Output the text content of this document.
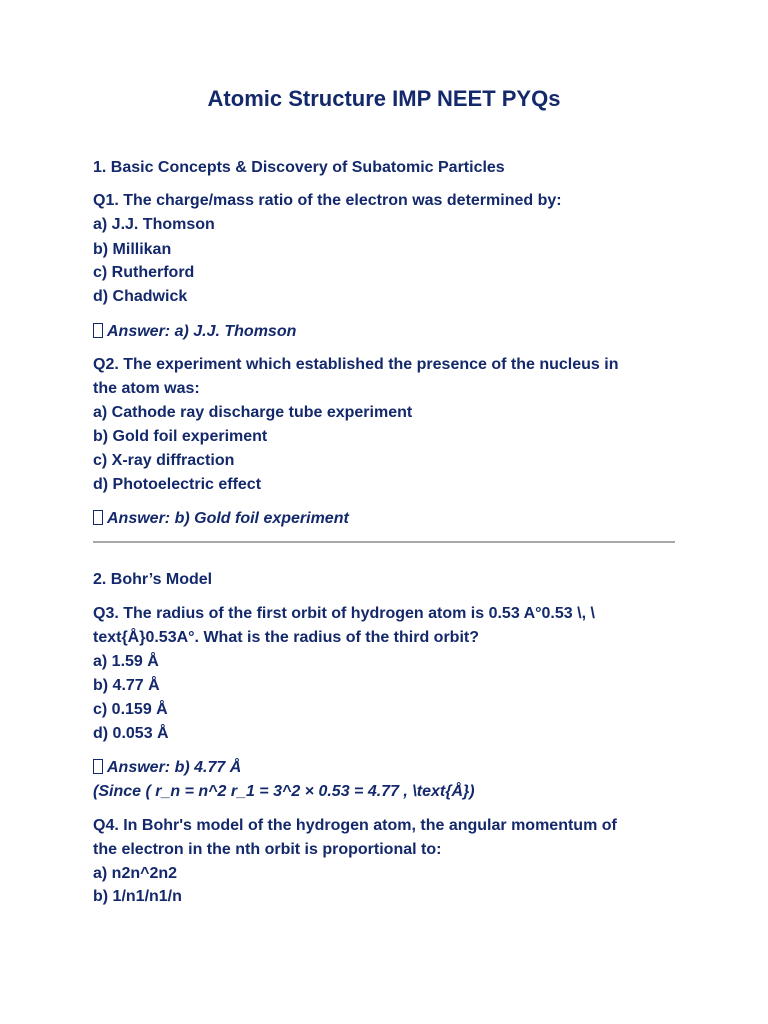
Atomic Structure IMP NEET PYQs
1. Basic Concepts & Discovery of Subatomic Particles
Q1. The charge/mass ratio of the electron was determined by:
a) J.J. Thomson
b) Millikan
c) Rutherford
d) Chadwick
Answer: a) J.J. Thomson
Q2. The experiment which established the presence of the nucleus in
the atom was:
a) Cathode ray discharge tube experiment
b) Gold foil experiment
c) X-ray diffraction
d) Photoelectric effect
Answer: b) Gold foil experiment
2. Bohr’s Model
Q3. The radius of the first orbit of hydrogen atom is 0.53 A°0.53 \, \
text{Å}0.53A°. What is the radius of the third orbit?
a) 1.59 Å
b) 4.77 Å
c) 0.159 Å
d) 0.053 Å
Answer: b) 4.77 Å
(Since ( r_n = n^2 r_1 = 3^2 × 0.53 = 4.77 , \text{Å})
Q4. In Bohr's model of the hydrogen atom, the angular momentum of
the electron in the nth orbit is proportional to:
a) n2n^2n2
b) 1/n1/n1/n
